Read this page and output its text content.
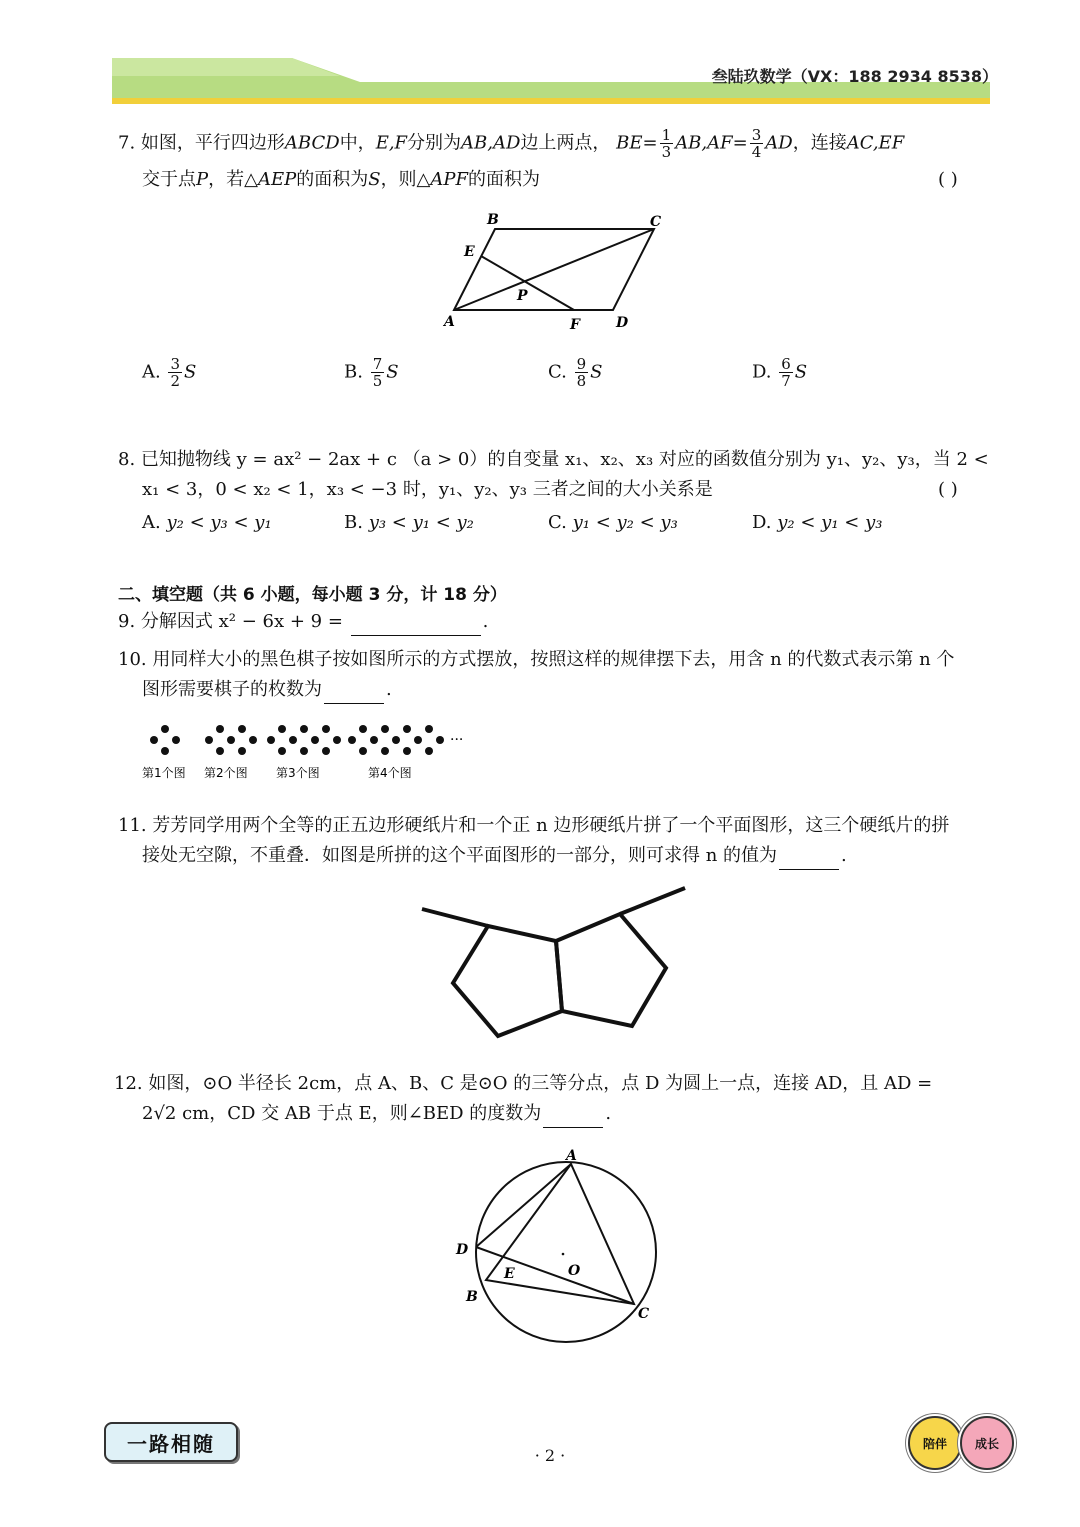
叁陆玖数学（VX：188 2934 8538）
7. 如图，平行四边形ABCD中，E,F分别为AB,AD边上两点， $BE= \frac{1}{3} AB,AF= \frac{3}{4}$ AD，连接AC,EF
交于点P，若△AEP的面积为S，则△APF的面积为	( )
B	C
E
P
A	F	D
A. $\frac{3}{2}$ S	B. $\frac{7}{5}$ S	C. $\frac{9}{8}$ S	D. $\frac{6}{7}$ S
8. 已知抛物线 y = ax² − 2ax + c （a > 0）的自变量 x₁、x₂、x₃ 对应的函数值分别为 y₁、y₂、y₃，当 2 <
x₁ < 3，0 < x₂ < 1，x₃ < −3 时，y₁、y₂、y₃ 三者之间的大小关系是	( )
A. y₂ < y₃ < y₁	B. y₃ < y₁ < y₂	C. y₁ < y₂ < y₃	D. y₂ < y₁ < y₃
二、填空题（共 6 小题，每小题 3 分，计 18 分）
9. 分解因式 x² − 6x + 9 =	.
10. 用同样大小的黑色棋子按如图所示的方式摆放，按照这样的规律摆下去，用含 n 的代数式表示第 n 个
图形需要棋子的枚数为	.
···
第1个图 第2个图 第3个图	第4个图
11. 芳芳同学用两个全等的正五边形硬纸片和一个正 n 边形硬纸片拼了一个平面图形，这三个硬纸片的拼
接处无空隙，不重叠．如图是所拼的这个平面图形的一部分，则可求得 n 的值为	.
12. 如图，⊙O 半径长 2cm，点 A、B、C 是⊙O 的三等分点，点 D 为圆上一点，连接 AD，且 AD =
2√2 cm，CD 交 AB 于点 E，则∠BED 的度数为	.
A
D
E	O
B
C
一路相随	· 2 ·
陪伴 成长
